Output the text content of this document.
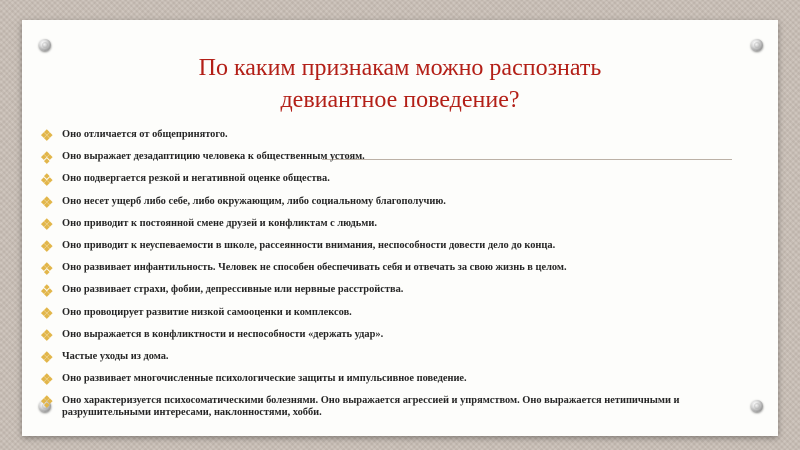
По каким признакам можно распознать
девиантное поведение?
Оно отличается от общепринятого.
Оно выражает дезадаптицию человека к общественным устоям.
Оно подвергается резкой и негативной оценке общества.
Оно несет ущерб либо себе, либо окружающим, либо социальному благополучию.
Оно приводит к постоянной смене друзей и конфликтам с людьми.
Оно приводит к неуспеваемости в школе, рассеянности внимания, неспособности довести дело до конца.
Оно развивает инфантильность. Человек не способен обеспечивать себя и отвечать за свою жизнь в целом.
Оно развивает страхи, фобии, депрессивные или нервные расстройства.
Оно провоцирует развитие низкой самооценки и комплексов.
Оно выражается в конфликтности и неспособности «держать удар».
Частые уходы из дома.
Оно развивает многочисленные психологические защиты и импульсивное поведение.
Оно характеризуется психосоматическими болезнями. Оно выражается агрессией и упрямством. Оно выражается нетипичными и разрушительными интересами, наклонностями, хобби.
